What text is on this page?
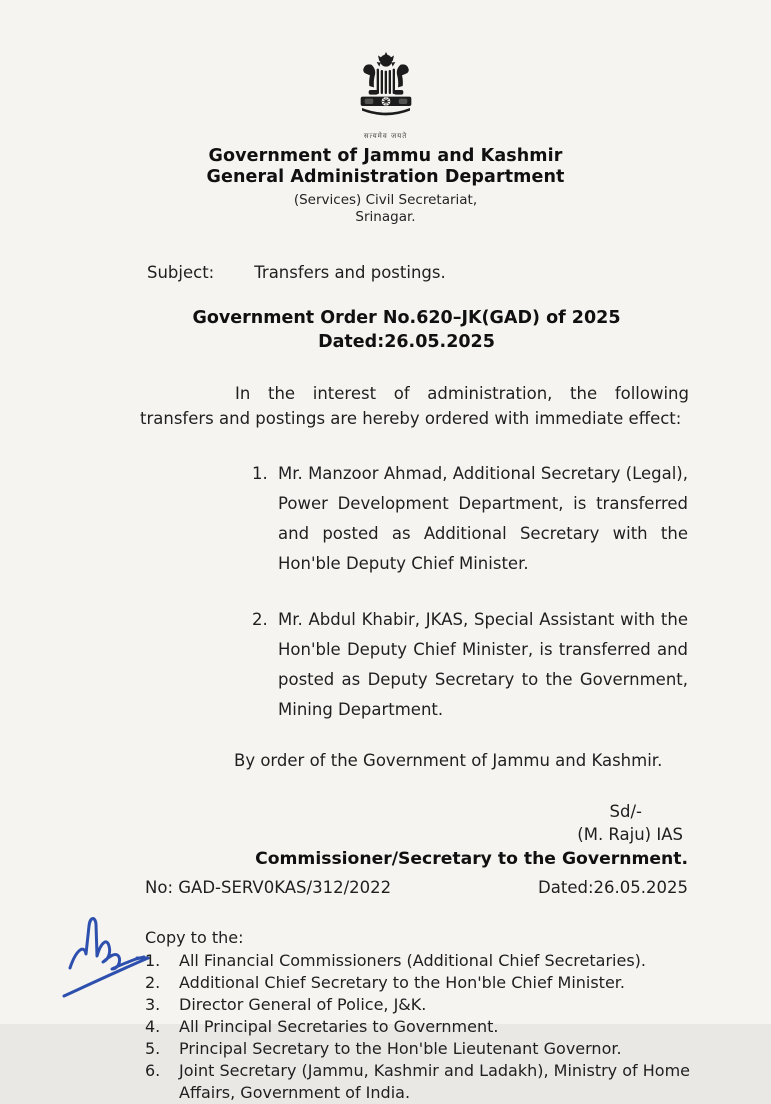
सत्यमेव जयते
Government of Jammu and Kashmir
General Administration Department
(Services) Civil Secretariat,
Srinagar.
Subject: Transfers and postings.
Government Order No.620–JK(GAD) of 2025
Dated:26.05.2025

In the interest of administration, the following transfers and postings are hereby ordered with immediate effect:

1. Mr. Manzoor Ahmad, Additional Secretary (Legal), Power Development Department, is transferred and posted as Additional Secretary with the Hon'ble Deputy Chief Minister.
2. Mr. Abdul Khabir, JKAS, Special Assistant with the Hon'ble Deputy Chief Minister, is transferred and posted as Deputy Secretary to the Government, Mining Department.
By order of the Government of Jammu and Kashmir.
Sd/-
(M. Raju) IAS
Commissioner/Secretary to the Government.
No: GAD-SERV0KAS/312/2022	Dated:26.05.2025
Copy to the:
1.	All Financial Commissioners (Additional Chief Secretaries).
2.	Additional Chief Secretary to the Hon'ble Chief Minister.
3.	Director General of Police, J&K.
4.	All Principal Secretaries to Government.
5.	Principal Secretary to the Hon'ble Lieutenant Governor.
6.	Joint Secretary (Jammu, Kashmir and Ladakh), Ministry of Home Affairs, Government of India.
